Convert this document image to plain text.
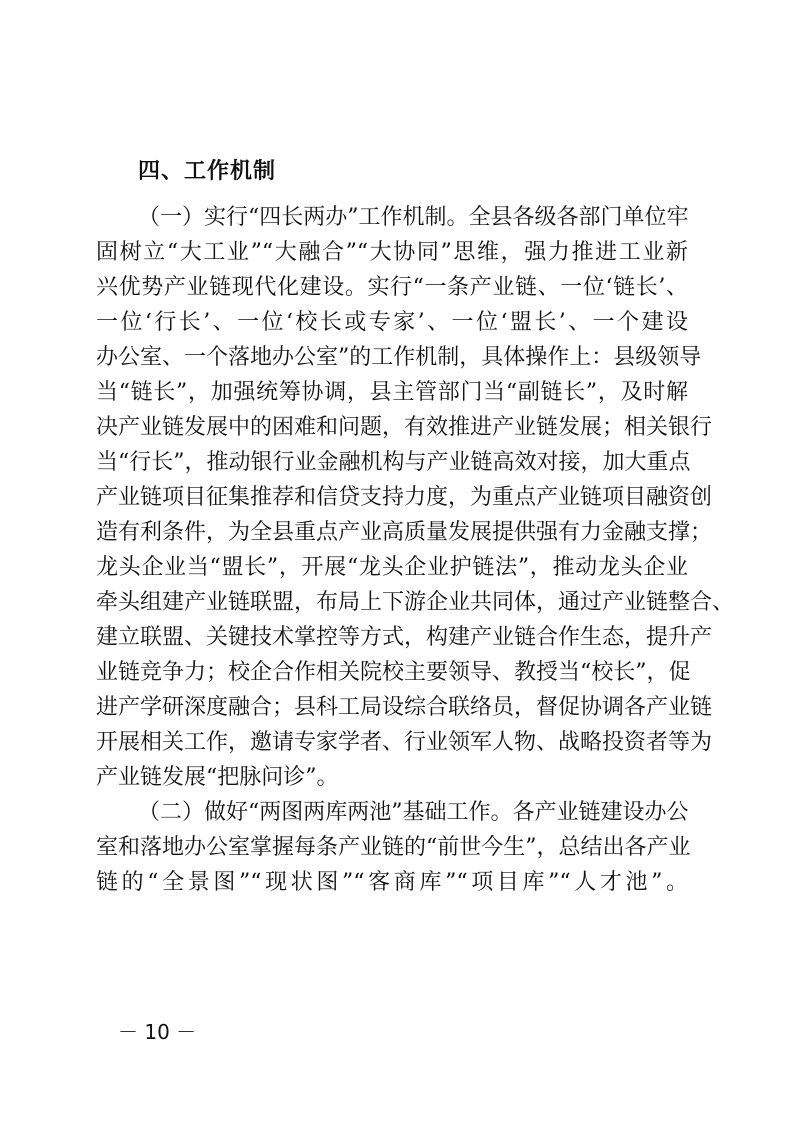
四、工作机制
（一）实行“四长两办”工作机制。全县各级各部门单位牢
固树立“大工业”“大融合”“大协同”思维，强力推进工业新
兴优势产业链现代化建设。实行“一条产业链、一位‘链长’、
一位‘行长’、一位‘校长或专家’、一位‘盟长’、一个建设
办公室、一个落地办公室”的工作机制，具体操作上：县级领导
当“链长”，加强统筹协调，县主管部门当“副链长”，及时解
决产业链发展中的困难和问题，有效推进产业链发展；相关银行
当“行长”，推动银行业金融机构与产业链高效对接，加大重点
产业链项目征集推荐和信贷支持力度，为重点产业链项目融资创
造有利条件，为全县重点产业高质量发展提供强有力金融支撑；
龙头企业当“盟长”，开展“龙头企业护链法”，推动龙头企业
牵头组建产业链联盟，布局上下游企业共同体，通过产业链整合、
建立联盟、关键技术掌控等方式，构建产业链合作生态，提升产
业链竞争力；校企合作相关院校主要领导、教授当“校长”，促
进产学研深度融合；县科工局设综合联络员，督促协调各产业链
开展相关工作，邀请专家学者、行业领军人物、战略投资者等为
产业链发展“把脉问诊”。
（二）做好“两图两库两池”基础工作。各产业链建设办公
室和落地办公室掌握每条产业链的“前世今生”，总结出各产业
链的“全景图”“现状图”“客商库”“项目库”“人才池”。
－ 10 －
